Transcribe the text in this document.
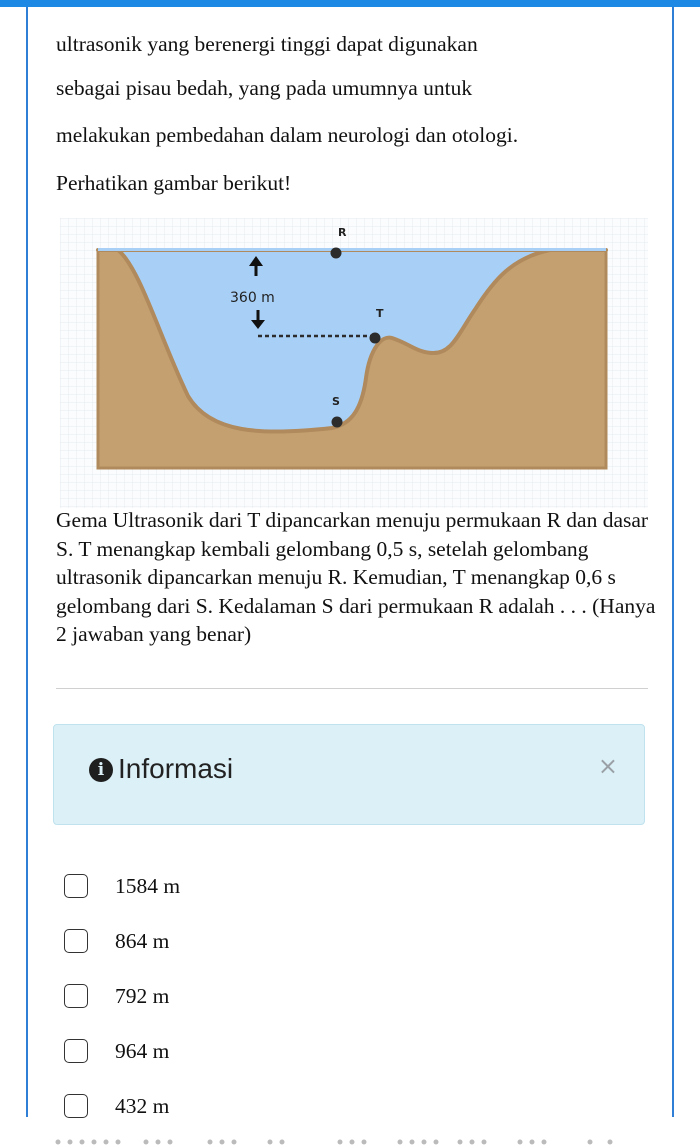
ultrasonik yang berenergi tinggi dapat digunakan
sebagai pisau bedah, yang pada umumnya untuk
melakukan pembedahan dalam neurologi dan otologi.
Perhatikan gambar berikut!
R
T
S
360 m
Gema Ultrasonik dari T dipancarkan menuju permukaan R dan dasar S. T menangkap kembali gelombang 0,5 s, setelah gelombang ultrasonik dipancarkan menuju R. Kemudian, T menangkap 0,6 s gelombang dari S. Kedalaman S dari permukaan R adalah . . . (Hanya 2 jawaban yang benar)
i Informasi	×
1584 m
864 m
792 m
964 m
432 m
